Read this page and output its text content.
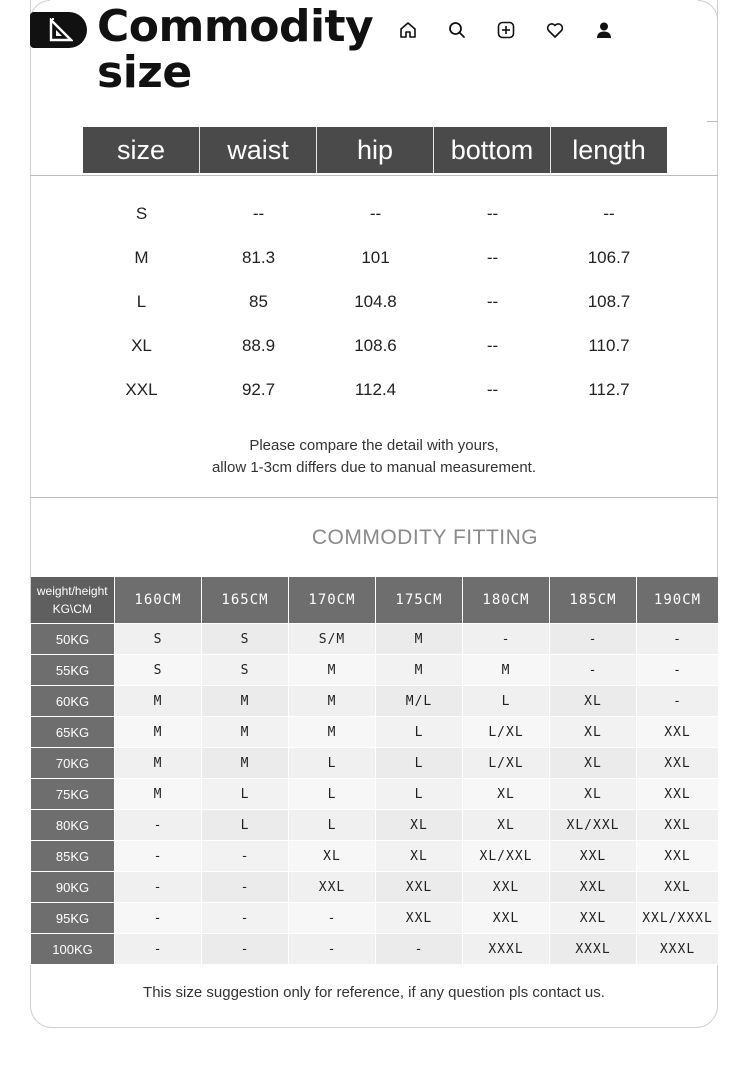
Commodity
size
size	waist	hip	bottom	length
S	--	--	--	--
M	81.3	101	--	106.7
L	85	104.8	--	108.7
XL	88.9	108.6	--	110.7
XXL	92.7	112.4	--	112.7
Please compare the detail with yours,
allow 1-3cm differs due to manual measurement.
COMMODITY FITTING
weight/height
KG\CM	160CM	165CM	170CM	175CM	180CM	185CM	190CM
50KG	S	S	S/M	M	-	-	-
55KG	S	S	M	M	M	-	-
60KG	M	M	M	M/L	L	XL	-
65KG	M	M	M	L	L/XL	XL	XXL
70KG	M	M	L	L	L/XL	XL	XXL
75KG	M	L	L	L	XL	XL	XXL
80KG	-	L	L	XL	XL	XL/XXL	XXL
85KG	-	-	XL	XL	XL/XXL	XXL	XXL
90KG	-	-	XXL	XXL	XXL	XXL	XXL
95KG	-	-	-	XXL	XXL	XXL	XXL/XXXL
100KG	-	-	-	-	XXXL	XXXL	XXXL
This size suggestion only for reference, if any question pls contact us.
